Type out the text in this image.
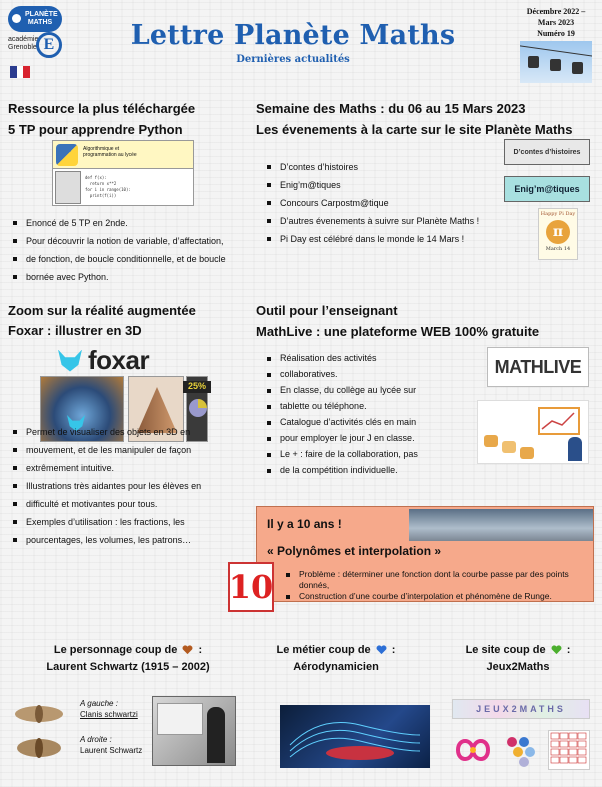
PLANÈTE MATHS
académie Grenoble E	Lettre Planète Maths
Dernières actualités
Décembre 2022 – Mars 2023
Numéro 19
Ressource la plus téléchargée
5 TP pour apprendre Python
Algorithmique et programmation au lycée
def f(x):
return x**2
for i in range(10):
print(f(i))
Enoncé de 5 TP en 2nde.
Pour découvrir la notion de variable, d’affectation,
de fonction, de boucle conditionnelle, et de boucle
bornée avec Python.
Semaine des Maths : du 06 au 15 Mars 2023
Les évenements à la carte sur le site Planète Maths
D’contes d’histoires
Enig’m@tiques
Concours Carpostm@tique
D’autres évenements à suivre sur Planète Maths !
Pi Day est célébré dans le monde le 14 Mars !
D’contes d’histoires
Enig’m@tiques
Happy Pi Day
π
March 14
Zoom sur la réalité augmentée
Foxar : illustrer en 3D
foxar
25%
Permet de visualiser des objets en 3D en
mouvement, et de les manipuler de façon
extrêmement intuitive.
Illustrations très aidantes pour les élèves en
difficulté et motivantes pour tous.
Exemples d’utilisation : les fractions, les
pourcentages, les volumes, les patrons…
Outil pour l’enseignant
MathLive : une plateforme WEB 100% gratuite
Réalisation des activités
collaboratives.
En classe, du collège au lycée sur
tablette ou téléphone.
Catalogue d’activités clés en main
pour employer le jour J en classe.
Le + : faire de la collaboration, pas
de la compétition individuelle.
MATHLIVE
Il y a 10 ans !
« Polynômes et interpolation »
Problème : déterminer une fonction dont la courbe passe par des points donnés,
Construction d’une courbe d’interpolation et phénomène de Runge.
10
Le personnage coup de  :
Laurent Schwartz (1915 – 2002)
Le métier coup de  :
Aérodynamicien
Le site coup de  :
Jeux2Maths
A gauche :
Clanis schwartzi
A droite :
Laurent Schwartz
JEUX2MATHS
